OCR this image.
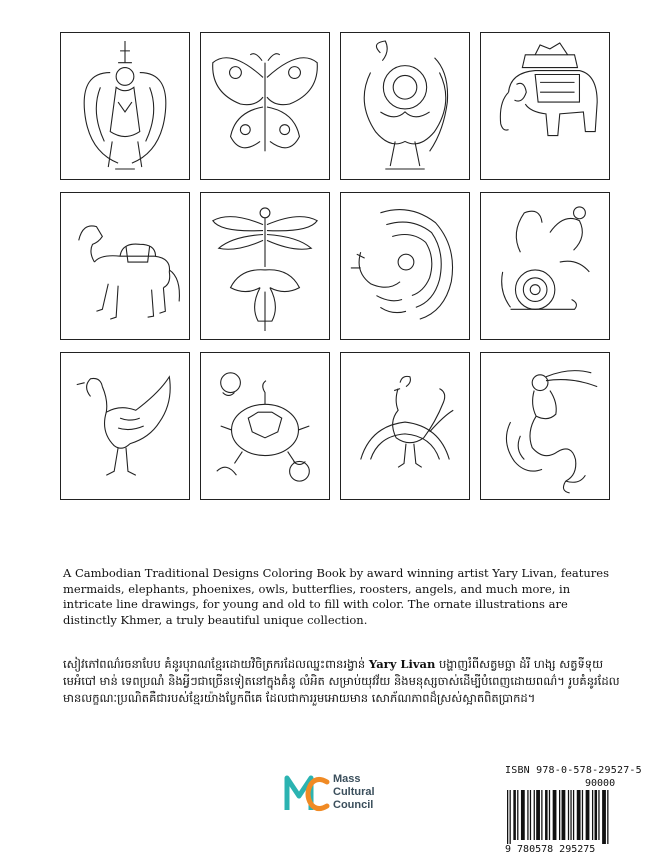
A Cambodian Traditional Designs Coloring Book by award winning artist Yary Livan, features mermaids, elephants, phoenixes, owls, butterflies, roosters, angels, and much more, in intricate line drawings, for young and old to fill with color. The ornate illustrations are distinctly Khmer, a truly beautiful unique collection.

សៀវភៅពណ៌រចនាបែប គំនូរបុរាណខ្មែរដោយវិចិត្រករដែលឈ្នះពានរង្វាន់ Yary Livan បង្ហាញរំពីសត្វមច្ឆា ដំរី ហង្ស សត្វទីទុយ មេអំបៅ មាន់ ទេពប្រណំ និងអ្វីៗជាច្រើនទៀតនៅក្នុងគំនូ លំអិត សម្រាប់យុវវ័យ និងមនុស្សចាស់ដើម្បីបំពេញដោយពណ៌។ រូបគំនូរដែលមានលក្ខណៈប្រណិតគឺជារបស់ខ្មែរយ៉ាងប្លែកពីគេ ដែលជាការរួមអោយមាន សោភ័ណភាពដ៏ស្រស់ស្អាតពិតប្រាកដ។

Mass
Cultural
Council
ISBN 978-0-578-29527-5
90000
9 780578 295275
